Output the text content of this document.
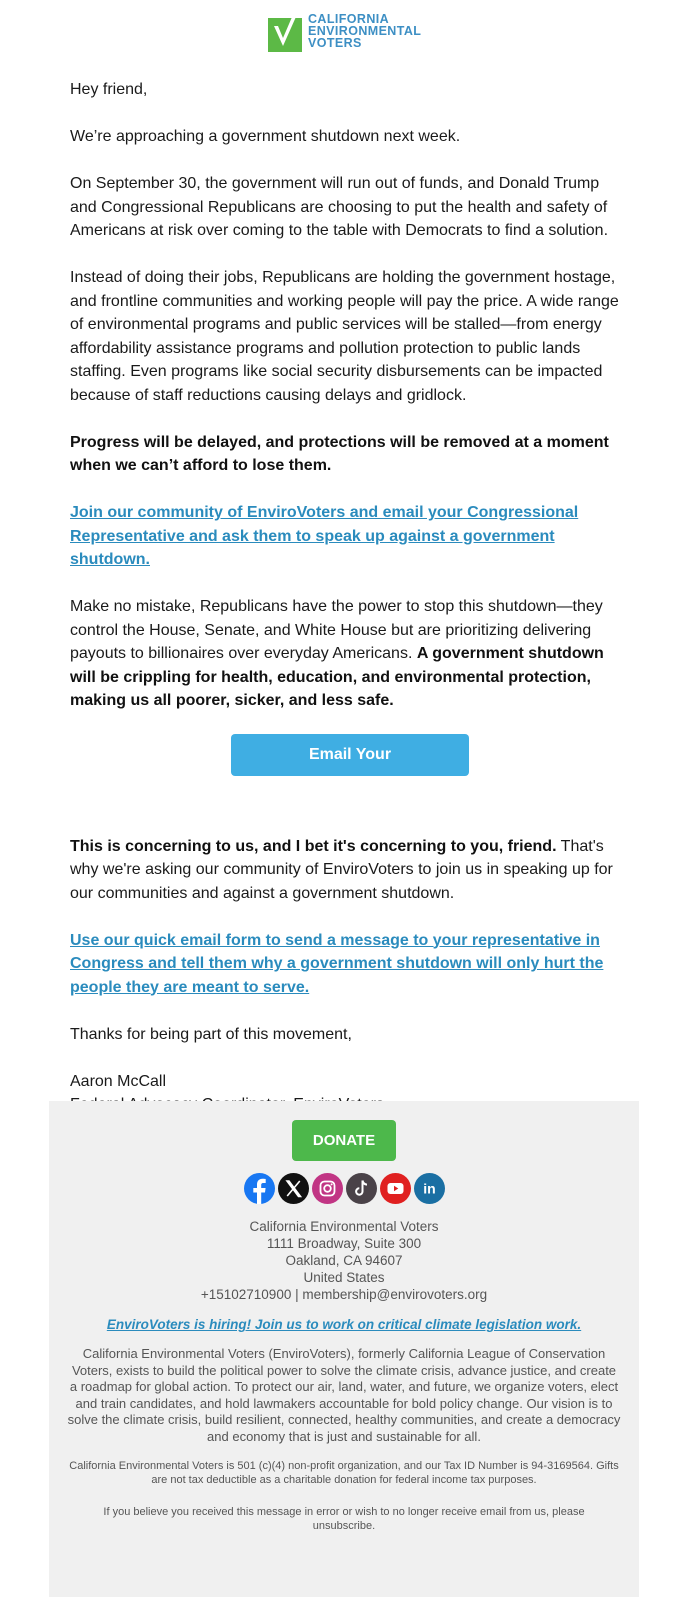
CALIFORNIA
ENVIRONMENTAL
VOTERS

Hey friend,

We’re approaching a government shutdown next week.

On September 30, the government will run out of funds, and Donald Trump and Congressional Republicans are choosing to put the health and safety of Americans at risk over coming to the table with Democrats to find a solution.

Instead of doing their jobs, Republicans are holding the government hostage, and frontline communities and working people will pay the price. A wide range of environmental programs and public services will be stalled—from energy affordability assistance programs and pollution protection to public lands staffing. Even programs like social security disbursements can be impacted because of staff reductions causing delays and gridlock.

Progress will be delayed, and protections will be removed at a moment when we can’t afford to lose them.

Join our community of EnviroVoters and email your Congressional Representative and ask them to speak up against a government shutdown.

Make no mistake, Republicans have the power to stop this shutdown—they control the House, Senate, and White House but are prioritizing delivering payouts to billionaires over everyday Americans. A government shutdown will be crippling for health, education, and environmental protection, making us all poorer, sicker, and less safe.

Email Your Representative

This is concerning to us, and I bet it's concerning to you, friend. That's why we're asking our community of EnviroVoters to join us in speaking up for our communities and against a government shutdown.

Use our quick email form to send a message to your representative in Congress and tell them why a government shutdown will only hurt the people they are meant to serve.

Thanks for being part of this movement,

Aaron McCall
DONATE
in
California Environmental Voters
1111 Broadway, Suite 300
Oakland, CA 94607
United States
+15102710900 | membership@envirovoters.org
EnviroVoters is hiring! Join us to work on critical climate legislation work.
California Environmental Voters (EnviroVoters), formerly California League of Conservation Voters, exists to build the political power to solve the climate crisis, advance justice, and create a roadmap for global action. To protect our air, land, water, and future, we organize voters, elect and train candidates, and hold lawmakers accountable for bold policy change. Our vision is to solve the climate crisis, build resilient, connected, healthy communities, and create a democracy and economy that is just and sustainable for all.
California Environmental Voters is 501 (c)(4) non-profit organization, and our Tax ID Number is 94-3169564. Gifts are not tax deductible as a charitable donation for federal income tax purposes.
If you believe you received this message in error or wish to no longer receive email from us, please unsubscribe.
